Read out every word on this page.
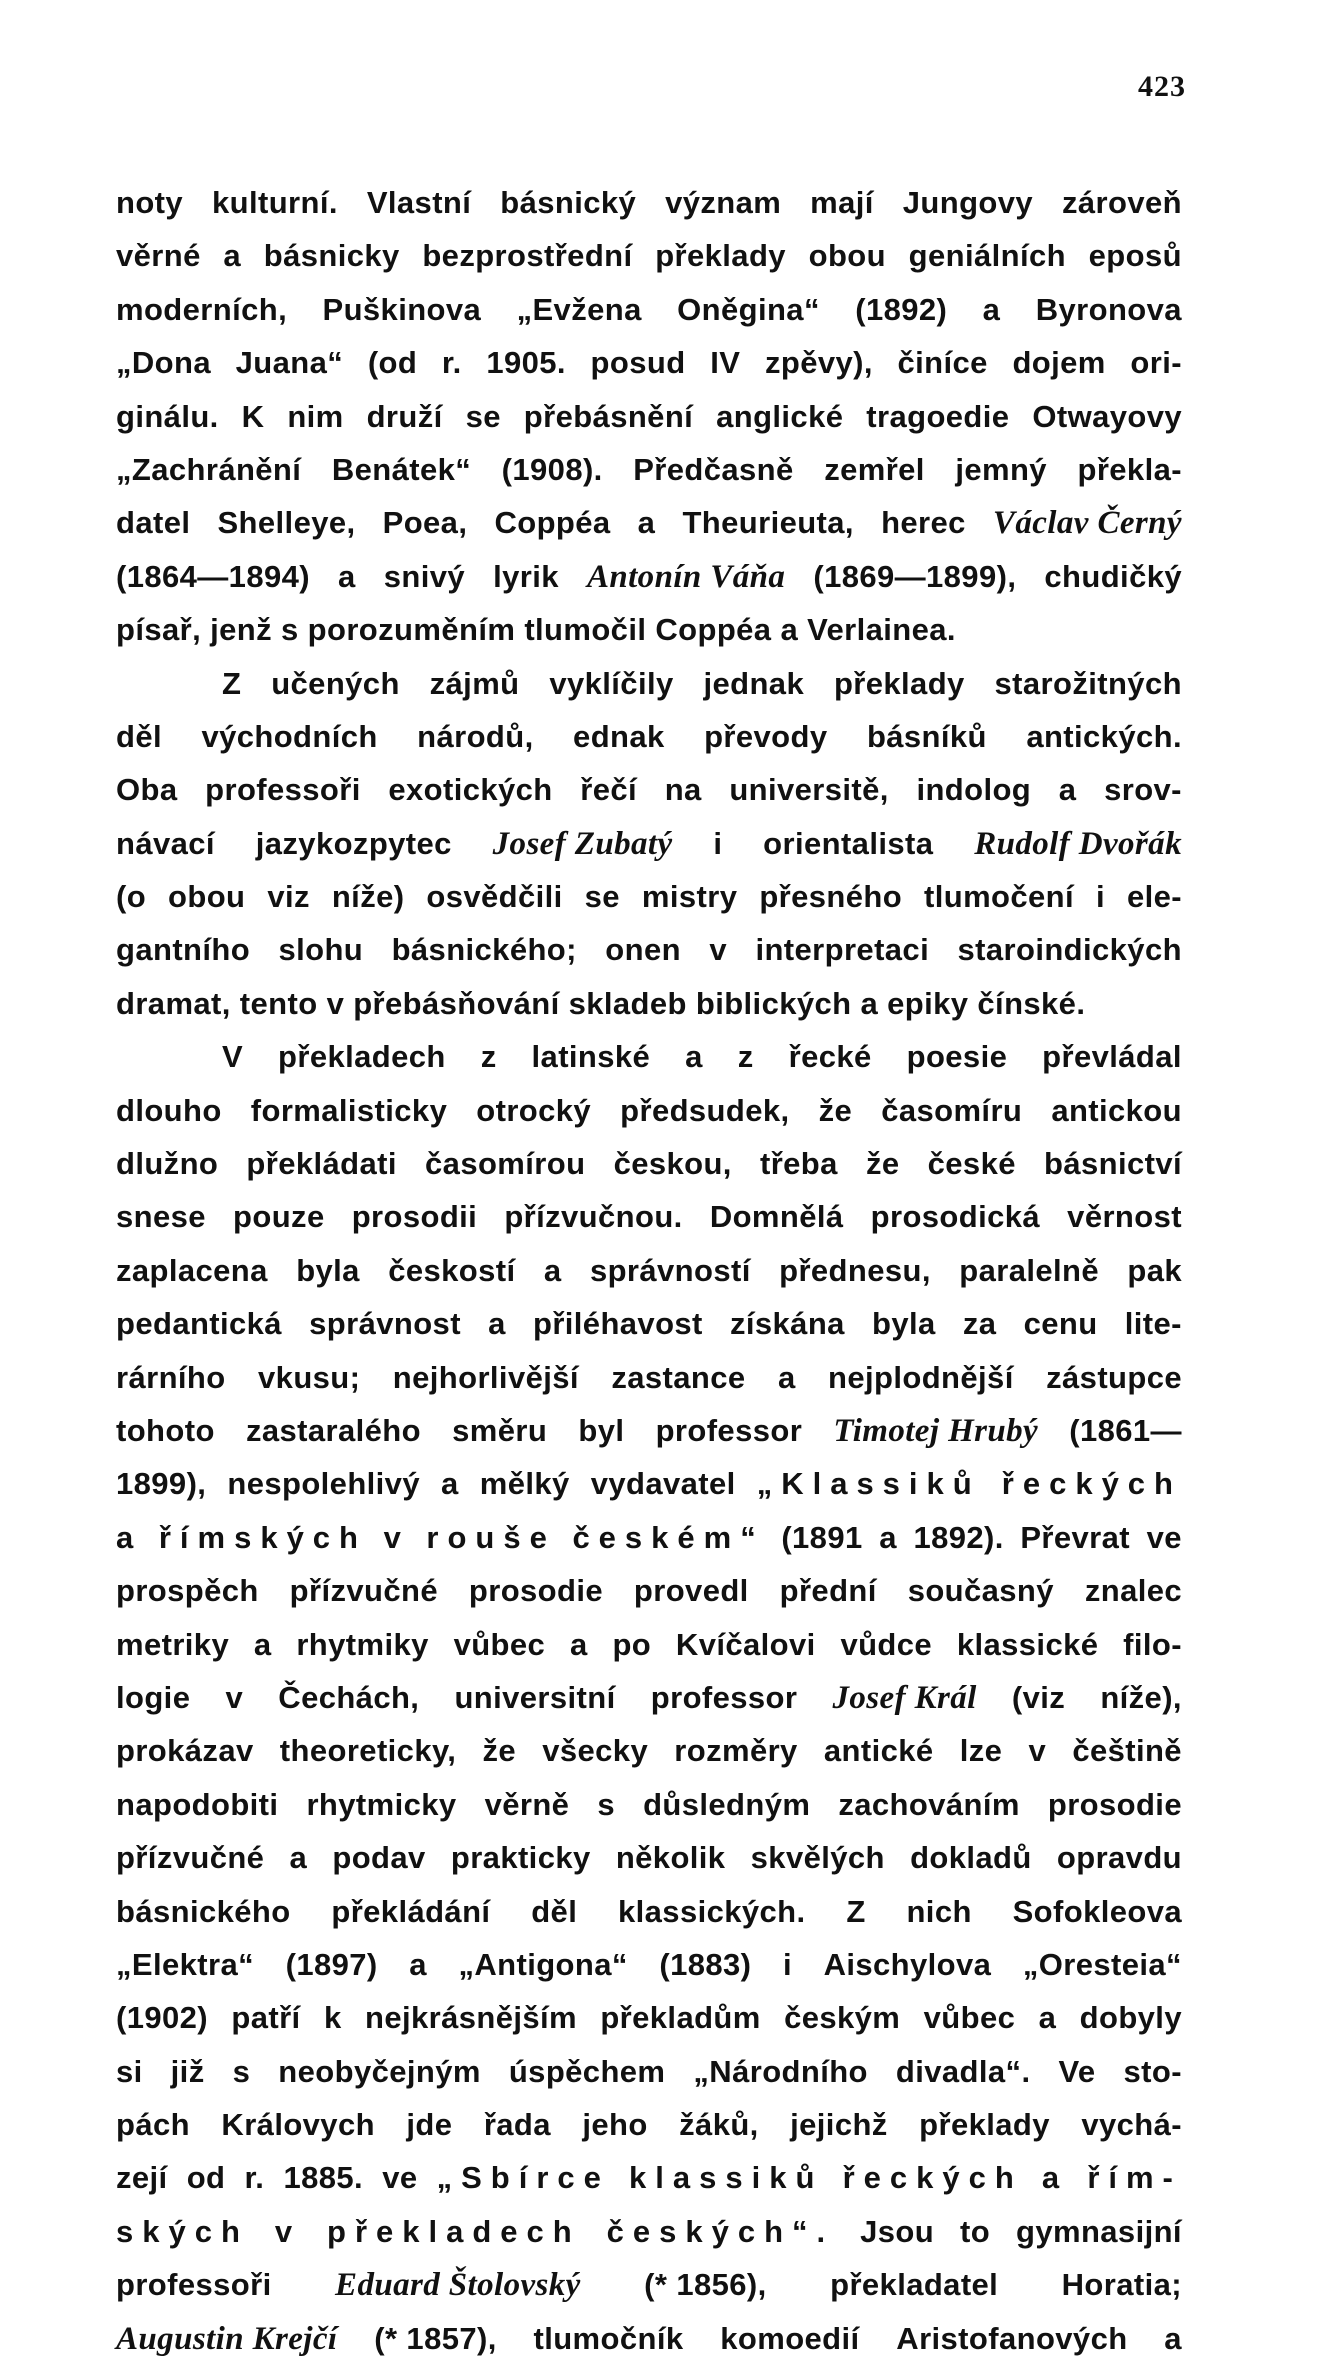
423
noty kulturní. Vlastní básnický význam mají Jungovy zároveň
věrné a básnicky bezprostřední překlady obou geniálních eposů
moderních, Puškinova „Evžena Oněgina“ (1892) a Byronova
„Dona Juana“ (od r. 1905. posud IV zpěvy), činíce dojem ori-
ginálu. K nim druží se přebásnění anglické tragoedie Otwayovy
„Zachránění Benátek“ (1908). Předčasně zemřel jemný překla-
datel Shelleye, Poea, Coppéa a Theurieuta, herec Václav Černý
(1864—1894) a snivý lyrik Antonín Váňa (1869—1899), chudičký
písař, jenž s porozuměním tlumočil Coppéa a Verlainea.
Z učených zájmů vyklíčily jednak překlady starožitných
děl východních národů, ednak převody básníků antických.
Oba professoři exotických řečí na universitě, indolog a srov-
návací jazykozpytec Josef Zubatý i orientalista Rudolf Dvořák
(o obou viz níže) osvědčili se mistry přesného tlumočení i ele-
gantního slohu básnického; onen v interpretaci staroindických
dramat, tento v přebásňování skladeb biblických a epiky čínské.
V překladech z latinské a z řecké poesie převládal
dlouho formalisticky otrocký předsudek, že časomíru antickou
dlužno překládati časomírou českou, třeba že české básnictví
snese pouze prosodii přízvučnou. Domnělá prosodická věrnost
zaplacena byla českostí a správností přednesu, paralelně pak
pedantická správnost a přiléhavost získána byla za cenu lite-
rárního vkusu; nejhorlivější zastance a nejplodnější zástupce
tohoto zastaralého směru byl professor Timotej Hrubý (1861—
1899), nespolehlivý a mělký vydavatel „Klassiků řeckých
a římských v rouše českém“ (1891 a 1892). Převrat ve
prospěch přízvučné prosodie provedl přední současný znalec
metriky a rhytmiky vůbec a po Kvíčalovi vůdce klassické filo-
logie v Čechách, universitní professor Josef Král (viz níže),
prokázav theoreticky, že všecky rozměry antické lze v češtině
napodobiti rhytmicky věrně s důsledným zachováním prosodie
přízvučné a podav prakticky několik skvělých dokladů opravdu
básnického překládání děl klassických. Z nich Sofokleova
„Elektra“ (1897) a „Antigona“ (1883) i Aischylova „Oresteia“
(1902) patří k nejkrásnějším překladům českým vůbec a dobyly
si již s neobyčejným úspěchem „Národního divadla“. Ve sto-
pách Královych jde řada jeho žáků, jejichž překlady vychá-
zejí od r. 1885. ve „Sbírce klassiků řeckých a řím-
ských v překladech českých“. Jsou to gymnasijní
professoři Eduard Štolovský (* 1856), překladatel Horatia;
Augustin Krejčí (* 1857), tlumočník komoedií Aristofanových a
